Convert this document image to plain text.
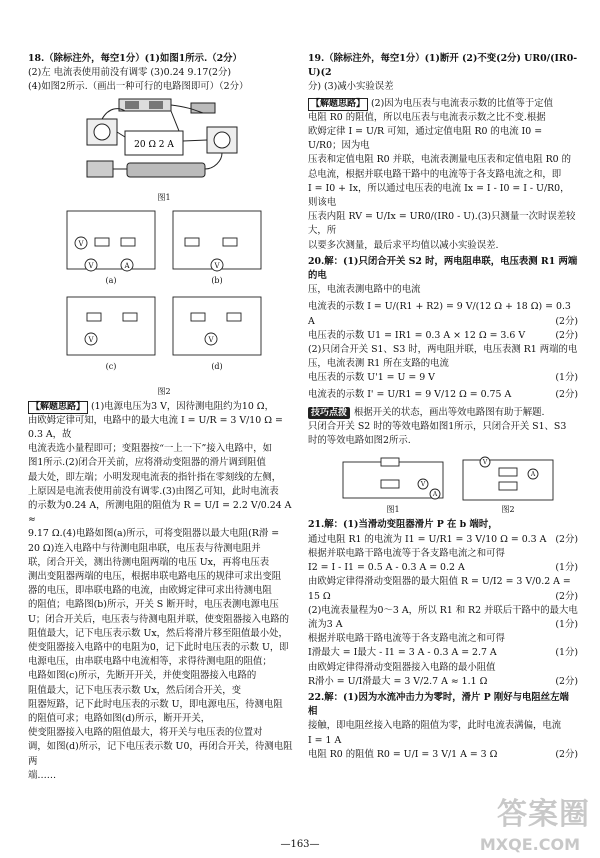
18.（除标注外，每空1分）(1)如图1所示.（2分）

(2)左 电流表使用前没有调零 (3)0.24 9.17(2分)

(4)如图2所示.（画出一种可行的电路图即可）（2分）

20 Ω 2 A

图1

V
V	A	V
V	V
(a)	(b)
(c)	(d)

图2

【解题思路】 (1)电源电压为3 V，因待测电阻约为10 Ω，

由欧姆定律可知，电路中的最大电流 I = U/R = 3 V/10 Ω = 0.3 A，故

电流表选小量程即可；变阻器按“一上一下”接入电路中，如

图1所示.(2)闭合开关前，应将滑动变阻器的滑片调到阻值

最大处，即左端；小明发现电流表的指针指在零刻线的左侧，

上原因是电流表使用前没有调零.(3)由图乙可知，此时电流表

的示数为0.24 A，所测电阻的阻值为 R = U/I = 2.2 V/0.24 A ≈

9.17 Ω.(4)电路如图(a)所示，可将变阻器以最大电阻(R滑 =

20 Ω)连入电路中与待测电阻串联，电压表与待测电阻并

联，闭合开关，测出待测电阻两端的电压 Ux，再将电压表

测出变阻器两端的电压，根据串联电路电压的规律可求出变阻

器的电压，即串联电路的电流，由欧姆定律可求出待测电阻

的阻值；电路图(b)所示，开关 S 断开时，电压表测电源电压

U；闭合开关后，电压表与待测电阻并联，使变阻器接入电路的

阻值最大，记下电压表示数 Ux，然后将滑片移至阻值最小处，

使变阻器接入电路中的电阻为0，记下此时电压表的示数 U，即

电源电压，由串联电路中电流相等，求得待测电阻的阻值；

电路如图(c)所示，先断开开关，并使变阻器接入电路的

阻值最大，记下电压表示数 Ux，然后闭合开关，变

阻器短路，记下此时电压表的示数 U，即电源电压，待测电阻

的阻值可求；电路如图(d)所示，断开开关，

使变阻器接入电路的阻值最大，将开关与电压表的位置对

调，如图(d)所示，记下电压表示数 U0，再闭合开关，待测电阻两

端……

19.（除标注外，每空1分）(1)断开 (2)不变(2分) UR0/(IR0-U)(2

分) (3)减小实验误差

【解题思路】 (2)因为电压表与电流表示数的比值等于定值

电阻 R0 的阻值，所以电压表与电流表示数之比不变.根据

欧姆定律 I = U/R 可知，通过定值电阻 R0 的电流 I0 = U/R0；因为电

压表和定值电阻 R0 并联，电流表测量电压表和定值电阻 R0 的

总电流，根据并联电路干路中的电流等于各支路电流之和，即

I = I0 + Ix，所以通过电压表的电流 Ix = I - I0 = I - U/R0，则该电

压表内阻 RV = U/Ix = UR0/(IR0 - U).(3)只测量一次时误差较大，所

以要多次测量，最后求平均值以减小实验误差.

20.解：(1)只闭合开关 S2 时，两电阻串联，电压表测 R1 两端的电

压，电流表测电路中的电流

电流表的示数 I = U/(R1 + R2) = 9 V/(12 Ω + 18 Ω) = 0.3 A	(2分)

电压表的示数 U1 = IR1 = 0.3 A × 12 Ω = 3.6 V	(2分)

(2)只闭合开关 S1、S3 时，两电阻并联，电压表测 R1 两端的电

压，电流表测 R1 所在支路的电流

电压表的示数 U'1 = U = 9 V	(1分)

电流表的示数 I' = U/R1 = 9 V/12 Ω = 0.75 A	(2分)

技巧点拨 根据开关的状态，画出等效电路图有助于解题.

只闭合开关 S2 时的等效电路如图1所示，只闭合开关 S1、S3

时的等效电路如图2所示.

V
A
V
A
图1	图2

21.解：(1)当滑动变阻器滑片 P 在 b 端时，

通过电阻 R1 的电流为 I1 = U/R1 = 3 V/10 Ω = 0.3 A (2分)

根据并联电路干路电流等于各支路电流之和可得

I2 = I - I1 = 0.5 A - 0.3 A = 0.2 A	(1分)

由欧姆定律得滑动变阻器的最大阻值 R = U/I2 = 3 V/0.2 A = 15 Ω	(2分)

(2)电流表量程为0～3 A，所以 R1 和 R2 并联后干路中的最大电

流为3 A	(1分)

根据并联电路干路电流等于各支路电流之和可得

I滑最大 = I最大 - I1 = 3 A - 0.3 A = 2.7 A	(1分)

由欧姆定律得滑动变阻器接入电路的最小阻值

R滑小 = U/I滑最大 = 3 V/2.7 A ≈ 1.1 Ω	(2分)

22.解：(1)因为水流冲击力为零时，滑片 P 刚好与电阻丝左端相

接触，即电阻丝接入电路的阻值为零，此时电流表满偏，电流

I = 1 A

电阻 R0 的阻值 R0 = U/I = 3 V/1 A = 3 Ω	(2分)

答案圈
MXQE.COM
—163—
